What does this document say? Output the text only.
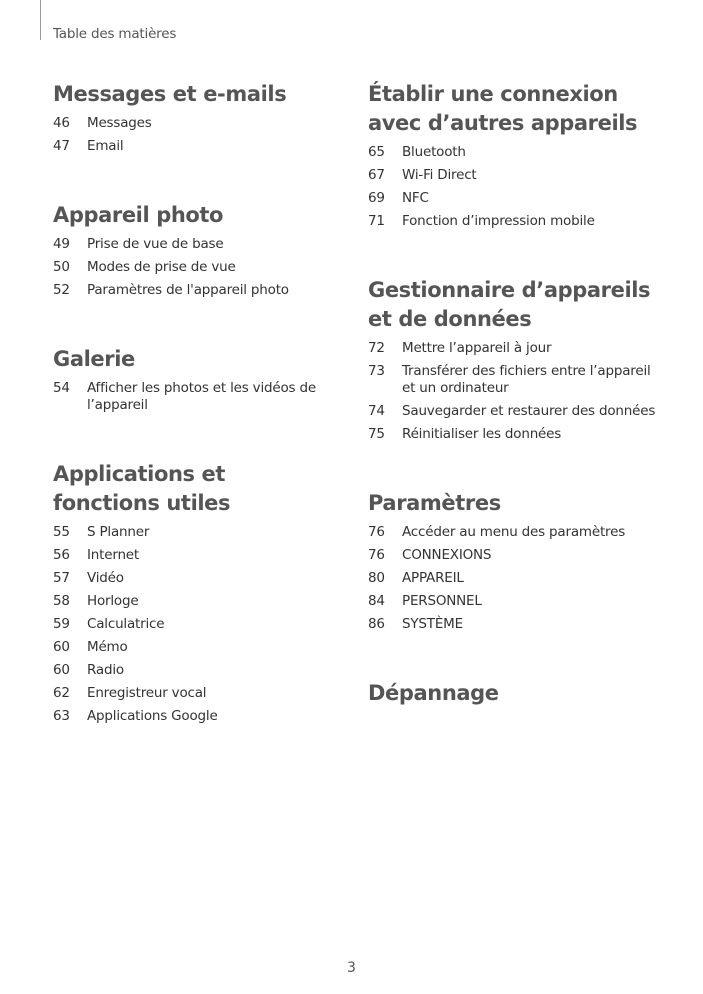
Table des matières
Messages et e-mails
46	Messages
47	Email
Appareil photo
49	Prise de vue de base
50	Modes de prise de vue
52	Paramètres de l'appareil photo
Galerie
54	Afficher les photos et les vidéos de l’appareil
Applications et fonctions utiles
55	S Planner
56	Internet
57	Vidéo
58	Horloge
59	Calculatrice
60	Mémo
60	Radio
62	Enregistreur vocal
63	Applications Google
Établir une connexion avec d’autres appareils
65	Bluetooth
67	Wi-Fi Direct
69	NFC
71	Fonction d’impression mobile
Gestionnaire d’appareils et de données
72	Mettre l’appareil à jour
73	Transférer des fichiers entre l’appareil et un ordinateur
74	Sauvegarder et restaurer des données
75	Réinitialiser les données
Paramètres
76	Accéder au menu des paramètres
76	CONNEXIONS
80	APPAREIL
84	PERSONNEL
86	SYSTÈME
Dépannage
3
